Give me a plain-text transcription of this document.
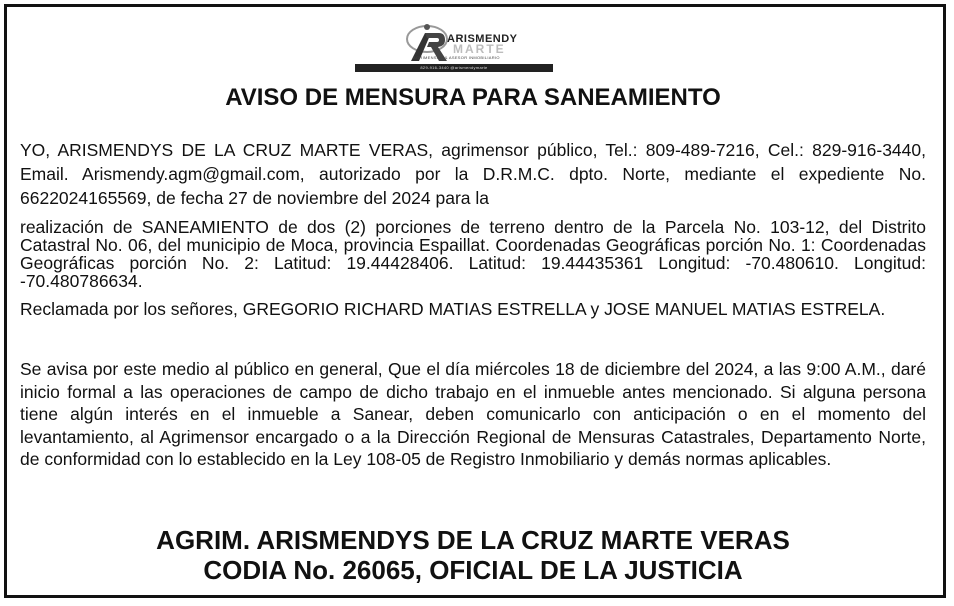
ARISMENDY
MARTE
AGRIMENSOR & ASESOR INMOBILIARIO
829-916-3440 @arismendymarte
AVISO DE MENSURA PARA SANEAMIENTO

YO, ARISMENDYS DE LA CRUZ MARTE VERAS, agrimensor público, Tel.: 809-489-7216, Cel.: 829-916-3440, Email. Arismendy.agm@gmail.com, autorizado por la D.R.M.C. dpto. Norte, mediante el expediente No. 6622024165569, de fecha 27 de noviembre del 2024 para la

realización de SANEAMIENTO de dos (2) porciones de terreno dentro de la Parcela No. 103-12, del Distrito Catastral No. 06, del municipio de Moca, provincia Espaillat. Coordenadas Geográficas porción No. 1: Coordenadas Geográficas porción No. 2: Latitud: 19.44428406. Latitud: 19.44435361 Longitud: -70.480610. Longitud: -70.480786634.

Reclamada por los señores, GREGORIO RICHARD MATIAS ESTRELLA y JOSE MANUEL MATIAS ESTRELA.

Se avisa por este medio al público en general, Que el día miércoles 18 de diciembre del 2024, a las 9:00 A.M., daré inicio formal a las operaciones de campo de dicho trabajo en el inmueble antes mencionado. Si alguna persona tiene algún interés en el inmueble a Sanear, deben comunicarlo con anticipación o en el momento del levantamiento, al Agrimensor encargado o a la Dirección Regional de Mensuras Catastrales, Departamento Norte, de conformidad con lo establecido en la Ley 108-05 de Registro Inmobiliario y demás normas aplicables.

AGRIM. ARISMENDYS DE LA CRUZ MARTE VERAS
CODIA No. 26065, OFICIAL DE LA JUSTICIA
